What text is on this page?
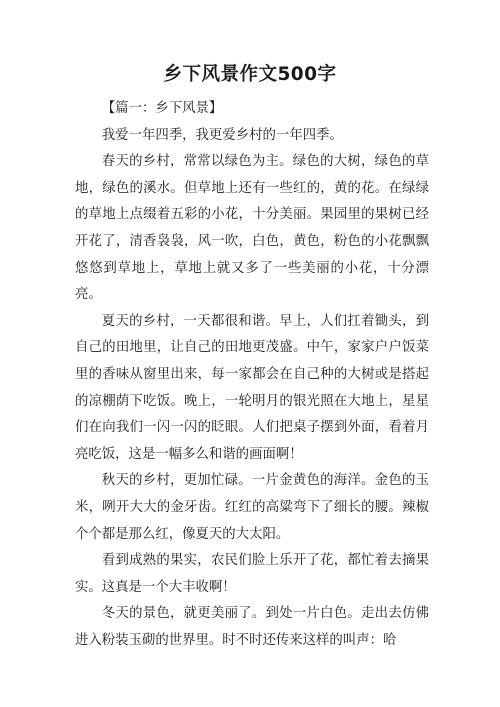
乡下风景作文500字

【篇一：乡下风景】

我爱一年四季，我更爱乡村的一年四季。

春天的乡村，常常以绿色为主。绿色的大树，绿色的草地，绿色的溪水。但草地上还有一些红的，黄的花。在绿绿的草地上点缀着五彩的小花，十分美丽。果园里的果树已经开花了，清香袅袅，风一吹，白色，黄色，粉色的小花飘飘悠悠到草地上，草地上就又多了一些美丽的小花，十分漂亮。

夏天的乡村，一天都很和谐。早上，人们扛着锄头，到自己的田地里，让自己的田地更茂盛。中午，家家户户饭菜里的香味从窗里出来，每一家都会在自己种的大树或是搭起的凉棚荫下吃饭。晚上，一轮明月的银光照在大地上，星星们在向我们一闪一闪的眨眼。人们把桌子摆到外面，看着月亮吃饭，这是一幅多么和谐的画面啊！

秋天的乡村，更加忙碌。一片金黄色的海洋。金色的玉米，咧开大大的金牙齿。红红的高粱弯下了细长的腰。辣椒个个都是那么红，像夏天的大太阳。

看到成熟的果实，农民们脸上乐开了花，都忙着去摘果实。这真是一个大丰收啊！

冬天的景色，就更美丽了。到处一片白色。走出去仿佛进入粉装玉砌的世界里。时不时还传来这样的叫声：哈
